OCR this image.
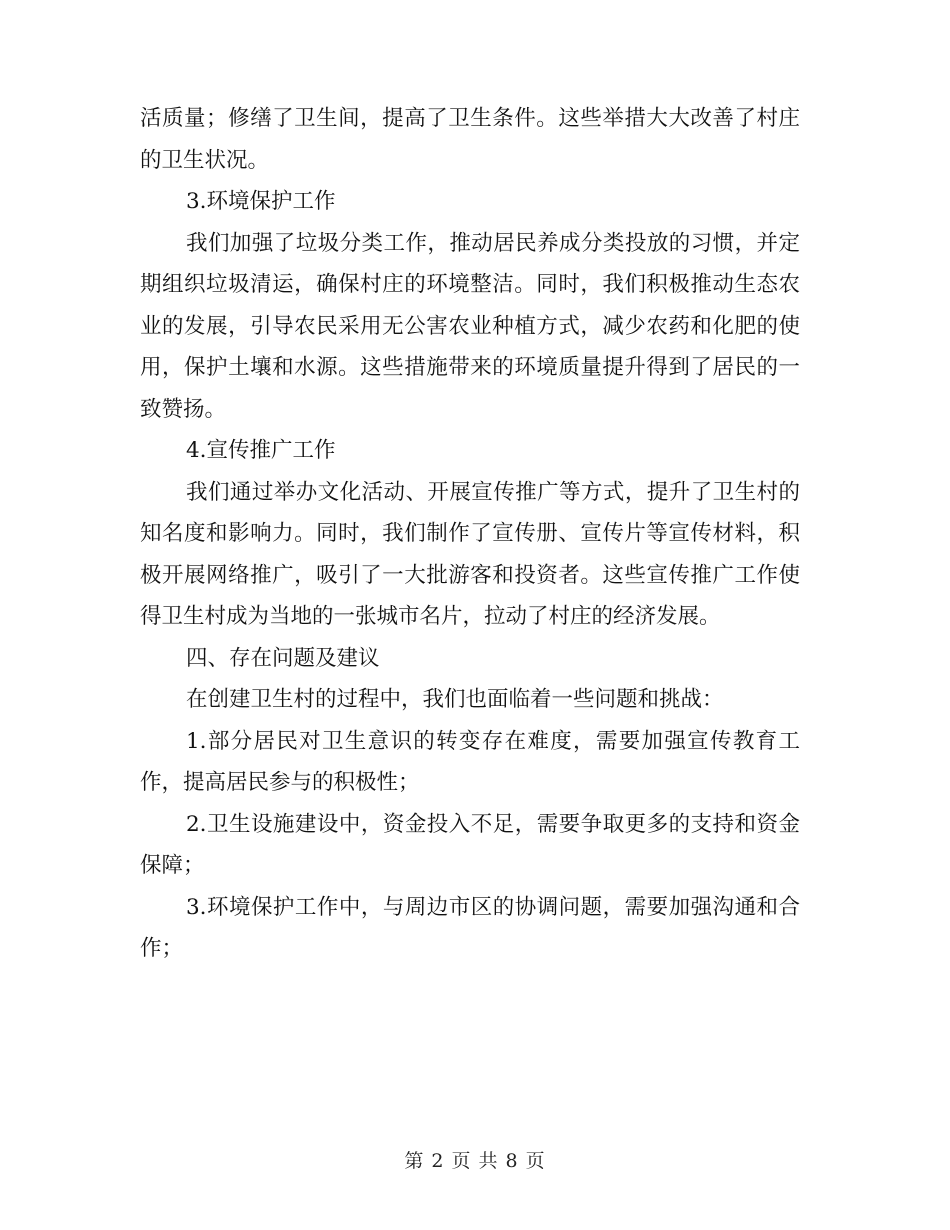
活质量；修缮了卫生间，提高了卫生条件。这些举措大大改善了村庄的卫生状况。

3.环境保护工作

我们加强了垃圾分类工作，推动居民养成分类投放的习惯，并定期组织垃圾清运，确保村庄的环境整洁。同时，我们积极推动生态农业的发展，引导农民采用无公害农业种植方式，减少农药和化肥的使用，保护土壤和水源。这些措施带来的环境质量提升得到了居民的一致赞扬。

4.宣传推广工作

我们通过举办文化活动、开展宣传推广等方式，提升了卫生村的知名度和影响力。同时，我们制作了宣传册、宣传片等宣传材料，积极开展网络推广，吸引了一大批游客和投资者。这些宣传推广工作使得卫生村成为当地的一张城市名片，拉动了村庄的经济发展。

四、存在问题及建议

在创建卫生村的过程中，我们也面临着一些问题和挑战：

1.部分居民对卫生意识的转变存在难度，需要加强宣传教育工作，提高居民参与的积极性；

2.卫生设施建设中，资金投入不足，需要争取更多的支持和资金保障；

3.环境保护工作中，与周边市区的协调问题，需要加强沟通和合作；

第 2 页 共 8 页
